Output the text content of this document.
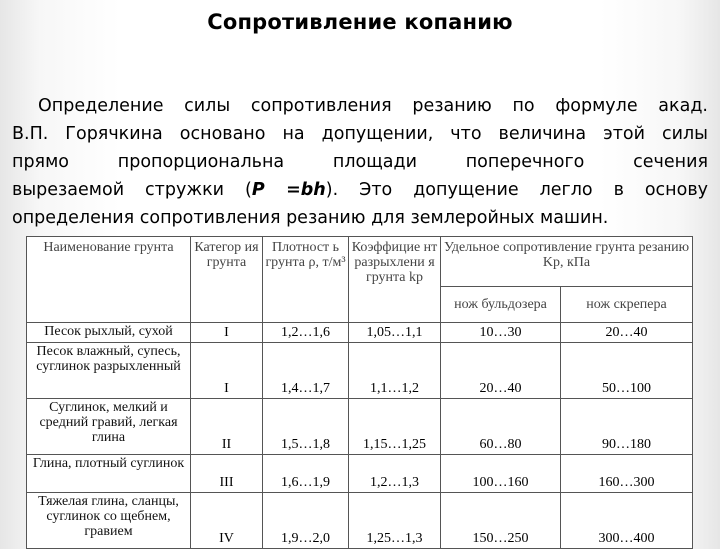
Сопротивление копанию
Определение силы сопротивления резанию по формуле акад.
В.П. Горячкина основано на допущении, что величина этой силы
прямо пропорциональна площади поперечного сечения
вырезаемой стружки (P =bh). Это допущение легло в основу
определения сопротивления резанию для землеройных машин.
Наименование грунта	Категор ия грунта	Плотност ь грунта ρ, т/м³	Коэффицие нт разрыхлени я грунта kр	Удельное сопротивление грунта резанию Kр, кПа	
				нож бульдозера	нож скрепера
Песок рыхлый, сухой	I	1,2…1,6	1,05…1,1	10…30	20…40
Песок влажный, супесь, суглинок разрыхленный	I	1,4…1,7	1,1…1,2	20…40	50…100
Суглинок, мелкий и средний гравий, легкая глина	II	1,5…1,8	1,15…1,25	60…80	90…180
Глина, плотный суглинок	III	1,6…1,9	1,2…1,3	100…160	160…300
Тяжелая глина, сланцы, суглинок со щебнем, гравием	IV	1,9…2,0	1,25…1,3	150…250	300…400
